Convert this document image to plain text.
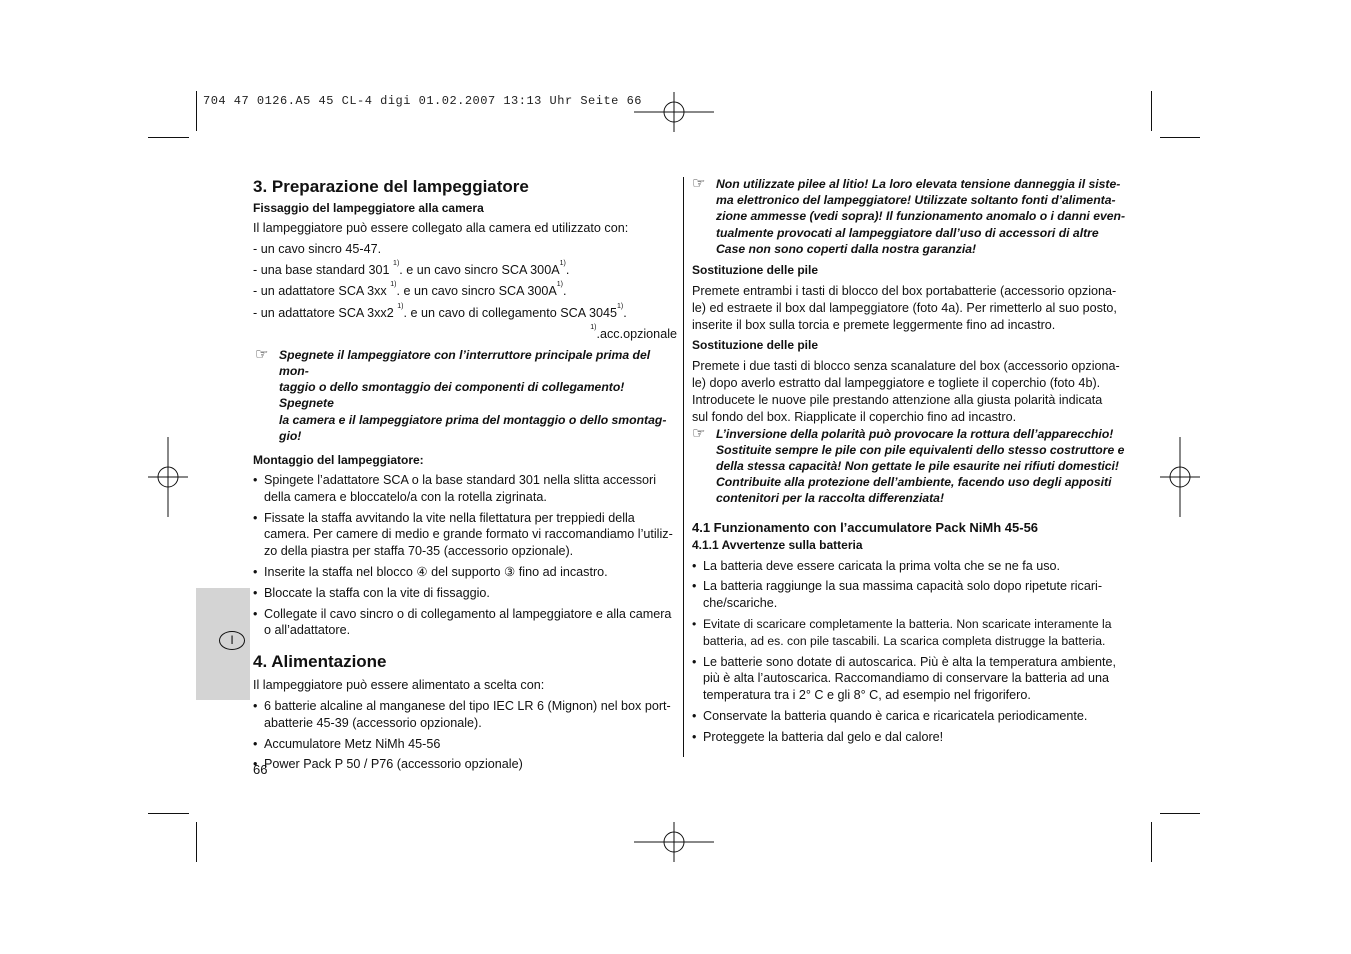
704 47 0126.A5 45 CL-4 digi 01.02.2007 13:13 Uhr Seite 66
I
3. Preparazione del lampeggiatore
Fissaggio del lampeggiatore alla camera

Il lampeggiatore può essere collegato alla camera ed utilizzato con:

- un cavo sincro 45-47.

- una base standard 301 $^{1)}$. e un cavo sincro SCA $300A^{1)}$.

- un adattatore SCA 3xx $^{1)}$. e un cavo sincro SCA $300A^{1)}$.

- un adattatore SCA 3xx2 $^{1)}$. e un cavo di collegamento SCA 3045$^{1)}$.

$^{1)}$.acc.opzionale

☞ Spegnete il lampeggiatore con l’interruttore principale prima del mon-

taggio o dello smontaggio dei componenti di collegamento! Spegnete

la camera e il lampeggiatore prima del montaggio o dello smontag-

gio!

Montaggio del lampeggiatore:

• Spingete l’adattatore SCA o la base standard 301 nella slitta accessori

della camera e bloccatelo/a con la rotella zigrinata.

• Fissate la staffa avvitando la vite nella filettatura per treppiedi della

camera. Per camere di medio e grande formato vi raccomandiamo l’utiliz-

zo della piastra per staffa 70-35 (accessorio opzionale).

• Inserite la staffa nel blocco ④ del supporto ③ fino ad incastro.

• Bloccate la staffa con la vite di fissaggio.

• Collegate il cavo sincro o di collegamento al lampeggiatore e alla camera

o all’adattatore.

4. Alimentazione

Il lampeggiatore può essere alimentato a scelta con:

• 6 batterie alcaline al manganese del tipo IEC LR 6 (Mignon) nel box port-

abatterie 45-39 (accessorio opzionale).

• Accumulatore Metz NiMh 45-56

• Power Pack P 50 / P76 (accessorio opzionale)

66
☞ Non utilizzate pilee al litio! La loro elevata tensione danneggia il siste-

ma elettronico del lampeggiatore! Utilizzate soltanto fonti d’alimenta-

zione ammesse (vedi sopra)! Il funzionamento anomalo o i danni even-

tualmente provocati al lampeggiatore dall’uso di accessori di altre

Case non sono coperti dalla nostra garanzia!

Sostituzione delle pile

Premete entrambi i tasti di blocco del box portabatterie (accessorio opziona-

le) ed estraete il box dal lampeggiatore (foto 4a). Per rimetterlo al suo posto,

inserite il box sulla torcia e premete leggermente fino ad incastro.

Sostituzione delle pile

Premete i due tasti di blocco senza scanalature del box (accessorio opziona-

le) dopo averlo estratto dal lampeggiatore e togliete il coperchio (foto 4b).

Introducete le nuove pile prestando attenzione alla giusta polarità indicata

sul fondo del box. Riapplicate il coperchio fino ad incastro.

☞ L’inversione della polarità può provocare la rottura dell’apparecchio!

Sostituite sempre le pile con pile equivalenti dello stesso costruttore e

della stessa capacità! Non gettate le pile esaurite nei rifiuti domestici!

Contribuite alla protezione dell’ambiente, facendo uso degli appositi

contenitori per la raccolta differenziata!

4.1 Funzionamento con l’accumulatore Pack NiMh 45-56
4.1.1 Avvertenze sulla batteria

• La batteria deve essere caricata la prima volta che se ne fa uso.

• La batteria raggiunge la sua massima capacità solo dopo ripetute ricari-

che/scariche.

• Evitate di scaricare completamente la batteria. Non scaricate interamente la

batteria, ad es. con pile tascabili. La scarica completa distrugge la batteria.

• Le batterie sono dotate di autoscarica. Più è alta la temperatura ambiente,

più è alta l’autoscarica. Raccomandiamo di conservare la batteria ad una

temperatura tra i 2° C e gli 8° C, ad esempio nel frigorifero.

• Conservate la batteria quando è carica e ricaricatela periodicamente.

• Proteggete la batteria dal gelo e dal calore!
